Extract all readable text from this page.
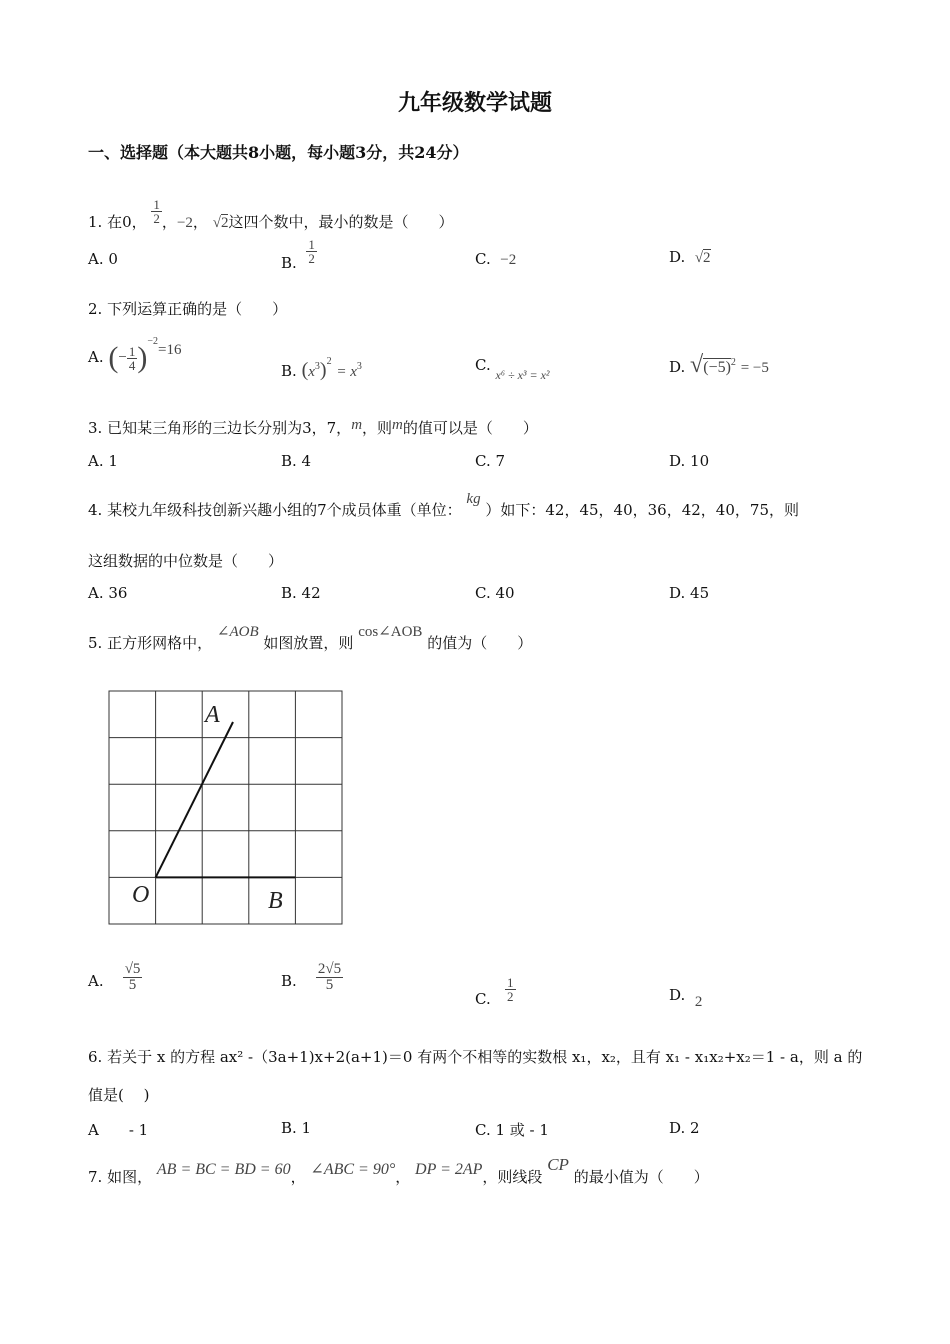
九年级数学试题
一、选择题（本大题共8小题，每小题3分，共24分）
1. 在0， $\frac{1}{2}$ ，−2， √2这四个数中，最小的数是（　　）
A. 0	B. $\frac{1}{2}$	C. −2	D. √2
2. 下列运算正确的是（　　）
A. (− $\frac{1}{4} )^{-2}=16$
B. $(x^3)^2 = x^3$	C. $_{x^6 \div x^3 = x^2}$	D. $√(-5)^2 = -5$
3. 已知某三角形的三边长分别为3，7，m，则m的值可以是（　　）
A. 1	B. 4	C. 7	D. 10
4. 某校九年级科技创新兴趣小组的7个成员体重（单位： kg ）如下：42，45，40，36，42，40，75，则
这组数据的中位数是（　　）
A. 36	B. 42	C. 40	D. 45
5. 正方形网格中， ∠AOB 如图放置，则 cos∠AOB 的值为（　　）
A
O	B
A. $\frac{√5}{5}$	B. $\frac{2√5}{5}$
C. $\frac{1}{2}$	D. 2
6. 若关于 x 的方程 ax² -（3a+1)x+2(a+1)＝0 有两个不相等的实数根 x₁，x₂，且有 x₁ - x₁x₂+x₂＝1 - a，则 a 的
值是(　 )
A　　- 1	B. 1	C. 1 或 - 1	D. 2
7. 如图， AB = BC = BD = 60， ∠ABC = 90°， DP = 2AP，则线段 CP 的最小值为（　　）
